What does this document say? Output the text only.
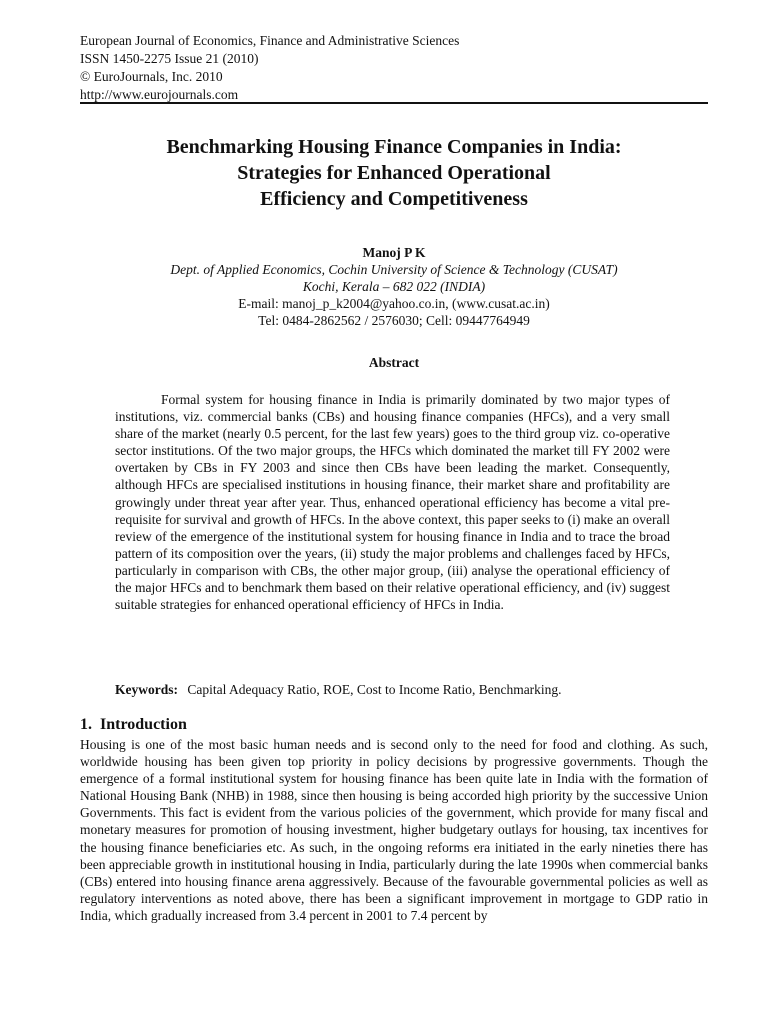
European Journal of Economics, Finance and Administrative Sciences
ISSN 1450-2275 Issue 21 (2010)
© EuroJournals, Inc. 2010
http://www.eurojournals.com
Benchmarking Housing Finance Companies in India:
Strategies for Enhanced Operational
Efficiency and Competitiveness
Manoj P K
Dept. of Applied Economics, Cochin University of Science & Technology (CUSAT)
Kochi, Kerala – 682 022 (INDIA)
E-mail: manoj_p_k2004@yahoo.co.in, (www.cusat.ac.in)
Tel: 0484-2862562 / 2576030; Cell: 09447764949
Abstract
Formal system for housing finance in India is primarily dominated by two major types of institutions, viz. commercial banks (CBs) and housing finance companies (HFCs), and a very small share of the market (nearly 0.5 percent, for the last few years) goes to the third group viz. co-operative sector institutions. Of the two major groups, the HFCs which dominated the market till FY 2002 were overtaken by CBs in FY 2003 and since then CBs have been leading the market. Consequently, although HFCs are specialised institutions in housing finance, their market share and profitability are growingly under threat year after year. Thus, enhanced operational efficiency has become a vital pre-requisite for survival and growth of HFCs. In the above context, this paper seeks to (i) make an overall review of the emergence of the institutional system for housing finance in India and to trace the broad pattern of its composition over the years, (ii) study the major problems and challenges faced by HFCs, particularly in comparison with CBs, the other major group, (iii) analyse the operational efficiency of the major HFCs and to benchmark them based on their relative operational efficiency, and (iv) suggest suitable strategies for enhanced operational efficiency of HFCs in India.
Keywords: Capital Adequacy Ratio, ROE, Cost to Income Ratio, Benchmarking.
1. Introduction
Housing is one of the most basic human needs and is second only to the need for food and clothing. As such, worldwide housing has been given top priority in policy decisions by progressive governments. Though the emergence of a formal institutional system for housing finance has been quite late in India with the formation of National Housing Bank (NHB) in 1988, since then housing is being accorded high priority by the successive Union Governments. This fact is evident from the various policies of the government, which provide for many fiscal and monetary measures for promotion of housing investment, higher budgetary outlays for housing, tax incentives for the housing finance beneficiaries etc. As such, in the ongoing reforms era initiated in the early nineties there has been appreciable growth in institutional housing in India, particularly during the late 1990s when commercial banks (CBs) entered into housing finance arena aggressively. Because of the favourable governmental policies as well as regulatory interventions as noted above, there has been a significant improvement in mortgage to GDP ratio in India, which gradually increased from 3.4 percent in 2001 to 7.4 percent by
